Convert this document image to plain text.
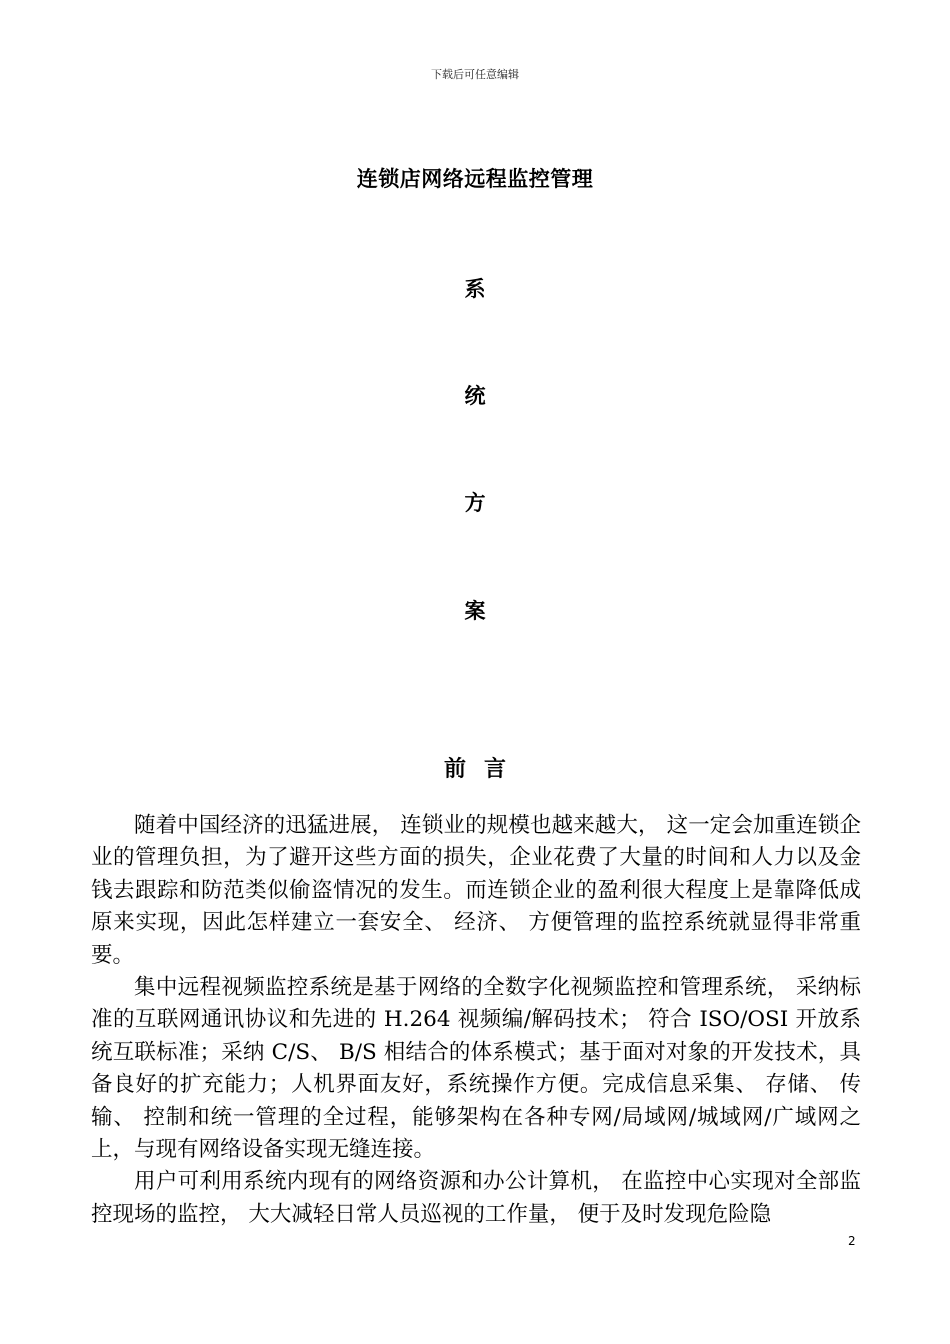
下载后可任意编辑
连锁店网络远程监控管理
系
统
方
案
前言

随着中国经济的迅猛进展， 连锁业的规模也越来越大， 这一定会加重连锁企业的管理负担，为了避开这些方面的损失，企业花费了大量的时间和人力以及金钱去跟踪和防范类似偷盗情况的发生。而连锁企业的盈利很大程度上是靠降低成原来实现，因此怎样建立一套安全、 经济、 方便管理的监控系统就显得非常重要。

集中远程视频监控系统是基于网络的全数字化视频监控和管理系统， 采纳标准的互联网通讯协议和先进的 H.264 视频编/解码技术； 符合 ISO/OSI 开放系统互联标准；采纳 C/S、 B/S 相结合的体系模式；基于面对对象的开发技术，具备良好的扩充能力；人机界面友好，系统操作方便。完成信息采集、 存储、 传输、 控制和统一管理的全过程，能够架构在各种专网/局域网/城域网/广域网之上，与现有网络设备实现无缝连接。

用户可利用系统内现有的网络资源和办公计算机， 在监控中心实现对全部监控现场的监控， 大大减轻日常人员巡视的工作量， 便于及时发现危险隐

2
